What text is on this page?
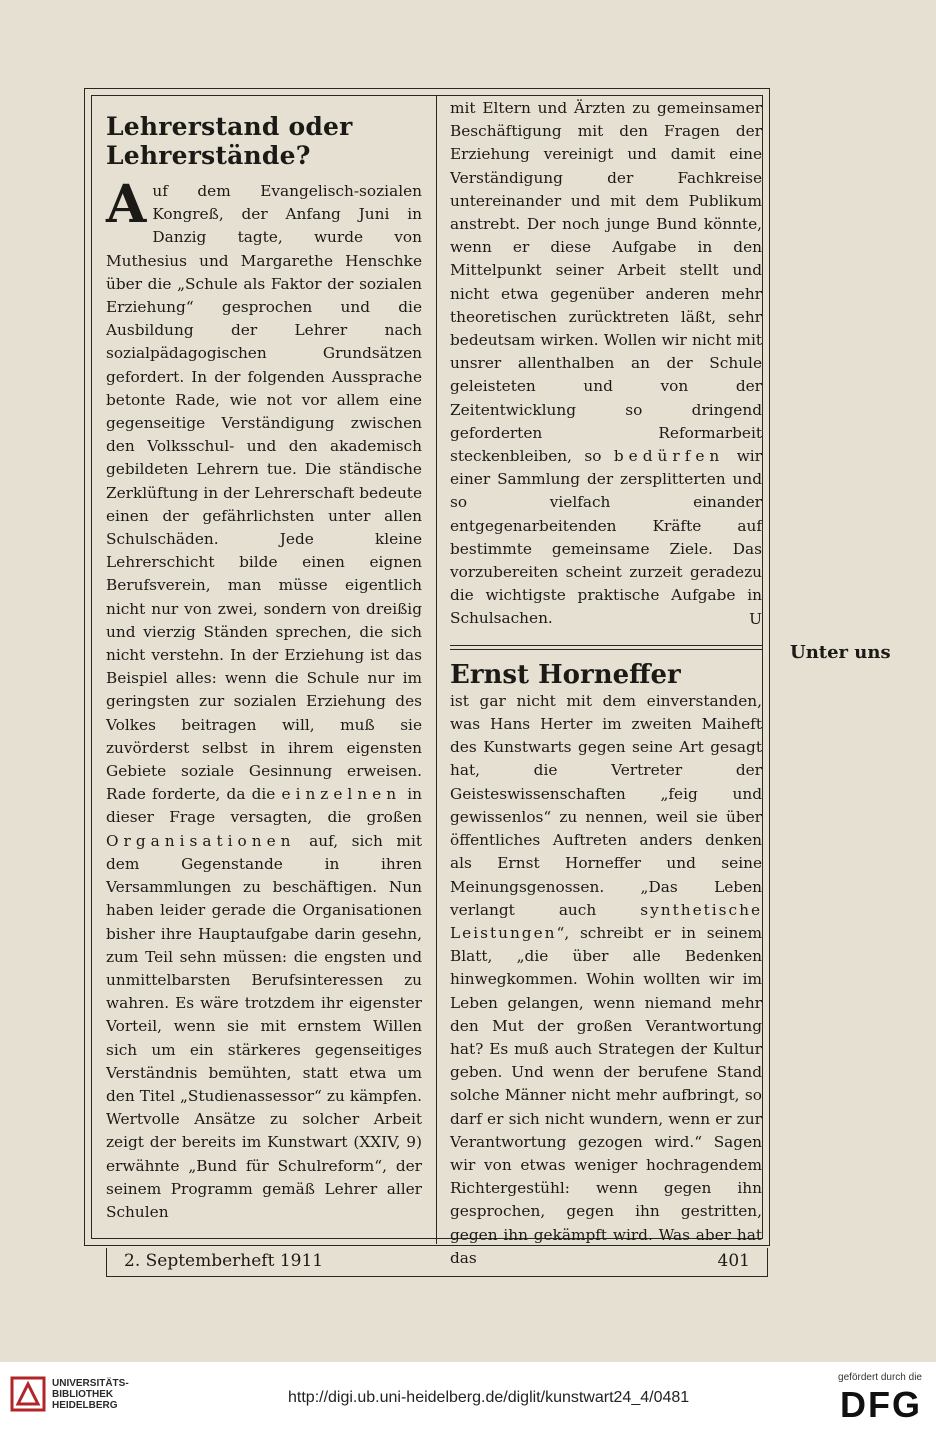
Lehrerstand oder Lehrerstände?

Auf dem Evangelisch-sozialen Kongreß, der Anfang Juni in Danzig tagte, wurde von Muthesius und Margarethe Henschke über die „Schule als Faktor der sozialen Erziehung“ gesprochen und die Ausbildung der Lehrer nach sozialpädagogischen Grundsätzen gefordert. In der folgenden Aussprache betonte Rade, wie not vor allem eine gegenseitige Verständigung zwischen den Volksschul- und den akademisch gebildeten Lehrern tue. Die ständische Zerklüftung in der Lehrerschaft bedeute einen der gefährlichsten unter allen Schulschäden. Jede kleine Lehrerschicht bilde einen eignen Berufsverein, man müsse eigentlich nicht nur von zwei, sondern von dreißig und vierzig Ständen sprechen, die sich nicht verstehn. In der Erziehung ist das Beispiel alles: wenn die Schule nur im geringsten zur sozialen Erziehung des Volkes beitragen will, muß sie zuvörderst selbst in ihrem eigensten Gebiete soziale Gesinnung erweisen. Rade forderte, da die einzelnen in dieser Frage versagten, die großen Organisationen auf, sich mit dem Gegenstande in ihren Versammlungen zu beschäftigen. Nun haben leider gerade die Organisationen bisher ihre Hauptaufgabe darin gesehn, zum Teil sehn müssen: die engsten und unmittelbarsten Berufsinteressen zu wahren. Es wäre trotzdem ihr eigenster Vorteil, wenn sie mit ernstem Willen sich um ein stärkeres gegenseitiges Verständnis bemühten, statt etwa um den Titel „Studienassessor“ zu kämpfen. Wertvolle Ansätze zu solcher Arbeit zeigt der bereits im Kunstwart (XXIV, 9) erwähnte „Bund für Schulreform“, der seinem Programm gemäß Lehrer aller Schulen

mit Eltern und Ärzten zu gemeinsamer Beschäftigung mit den Fragen der Erziehung vereinigt und damit eine Verständigung der Fachkreise untereinander und mit dem Publikum anstrebt. Der noch junge Bund könnte, wenn er diese Aufgabe in den Mittelpunkt seiner Arbeit stellt und nicht etwa gegenüber anderen mehr theoretischen zurücktreten läßt, sehr bedeutsam wirken. Wollen wir nicht mit unsrer allenthalben an der Schule geleisteten und von der Zeitentwicklung so dringend geforderten Reformarbeit steckenbleiben, so bedürfen wir einer Sammlung der zersplitterten und so vielfach einander entgegenarbeitenden Kräfte auf bestimmte gemeinsame Ziele. Das vorzubereiten scheint zurzeit geradezu die wichtigste praktische Aufgabe in Schulsachen.	U
Ernst Horneffer

ist gar nicht mit dem einverstanden, was Hans Herter im zweiten Maiheft des Kunstwarts gegen seine Art gesagt hat, die Vertreter der Geisteswissenschaften „feig und gewissenlos“ zu nennen, weil sie über öffentliches Auftreten anders denken als Ernst Horneffer und seine Meinungsgenossen. „Das Leben verlangt auch	synthetische Leistungen“, schreibt er in seinem Blatt, „die über alle Bedenken hinwegkommen. Wohin wollten wir im Leben gelangen, wenn niemand mehr den Mut der großen Verantwortung hat? Es muß auch Strategen der Kultur geben. Und wenn der berufene Stand solche Männer nicht mehr aufbringt, so darf er sich nicht wundern, wenn er zur Verantwortung gezogen wird.“ Sagen wir von etwas weniger hochragendem Richtergestühl: wenn gegen ihn gesprochen, gegen ihn gestritten, gegen ihn gekämpft wird. Was aber hat das

Unter uns
2. Septemberheft 1911	401
UNIVERSITÄTS-
BIBLIOTHEK
HEIDELBERG	http://digi.ub.uni-heidelberg.de/diglit/kunstwart24_4/0481
gefördert durch die
DFG
